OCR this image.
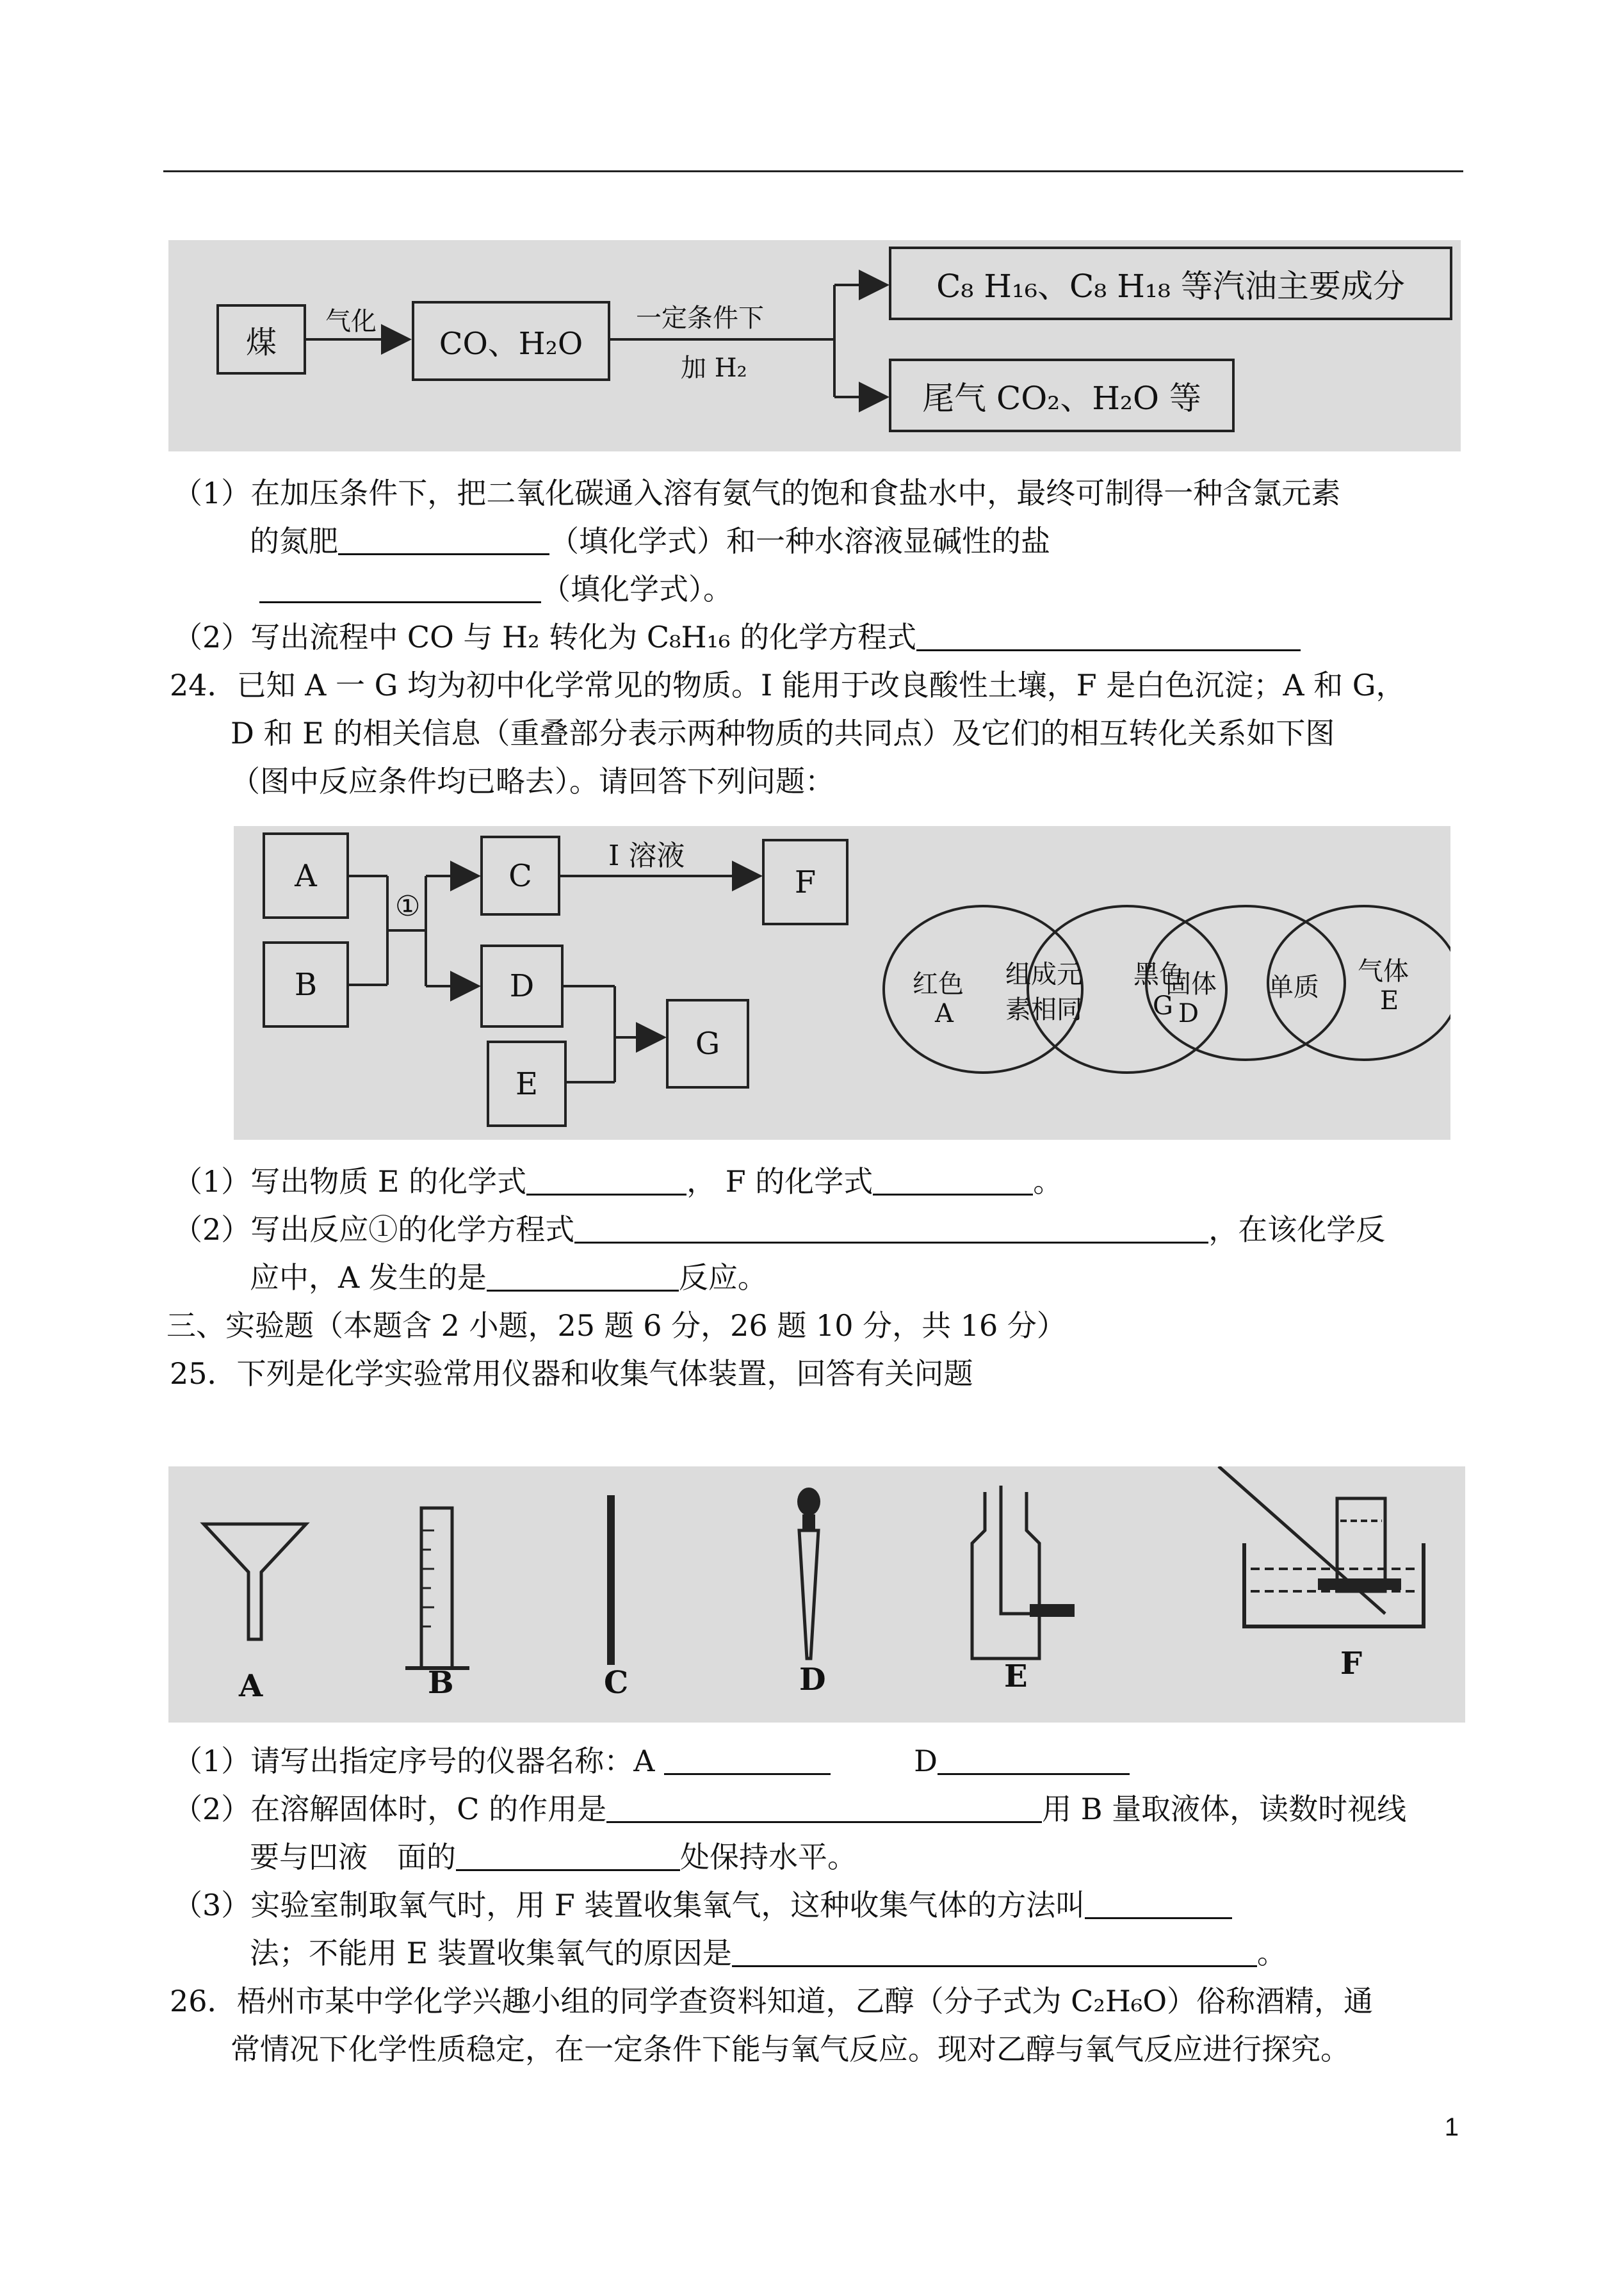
煤	CO、H₂O
C₈ H₁₆、C₈ H₁₈ 等汽油主要成分
尾气 CO₂、H₂O 等
气化	一定条件下
加 H₂
（1）在加压条件下，把二氧化碳通入溶有氨气的饱和食盐水中，最终可制得一种含氯元素
的氮肥	（填化学式）和一种水溶液显碱性的盐
（填化学式）。
（2）写出流程中 CO 与 H₂ 转化为 C₈H₁₆ 的化学方程式
24．已知 A 一 G 均为初中化学常见的物质。I 能用于改良酸性土壤，F 是白色沉淀；A 和 G，
D 和 E 的相关信息（重叠部分表示两种物质的共同点）及它们的相互转化关系如下图
（图中反应条件均已略去）。请回答下列问题：
A
B
C	F
D
E
G
①
I 溶液
红色
A
组成元
素相同
黑色
G
固体
D
单质
气体
E
（1）写出物质 E 的化学式	， F 的化学式	。
（2）写出反应①的化学方程式	，在该化学反
应中，A 发生的是	反应。
三、实验题（本题含 2 小题，25 题 6 分，26 题 10 分，共 16 分）
25．下列是化学实验常用仪器和收集气体装置，回答有关问题
A	B	C	D	E	F
（1）请写出指定序号的仪器名称：A	D
（2）在溶解固体时，C 的作用是	用 B 量取液体，读数时视线
要与凹液　面的	处保持水平。
（3）实验室制取氧气时，用 F 装置收集氧气，这种收集气体的方法叫
法；不能用 E 装置收集氧气的原因是	。
26．梧州市某中学化学兴趣小组的同学查资料知道，乙醇（分子式为 C₂H₆O）俗称酒精，通
常情况下化学性质稳定，在一定条件下能与氧气反应。现对乙醇与氧气反应进行探究。
1
